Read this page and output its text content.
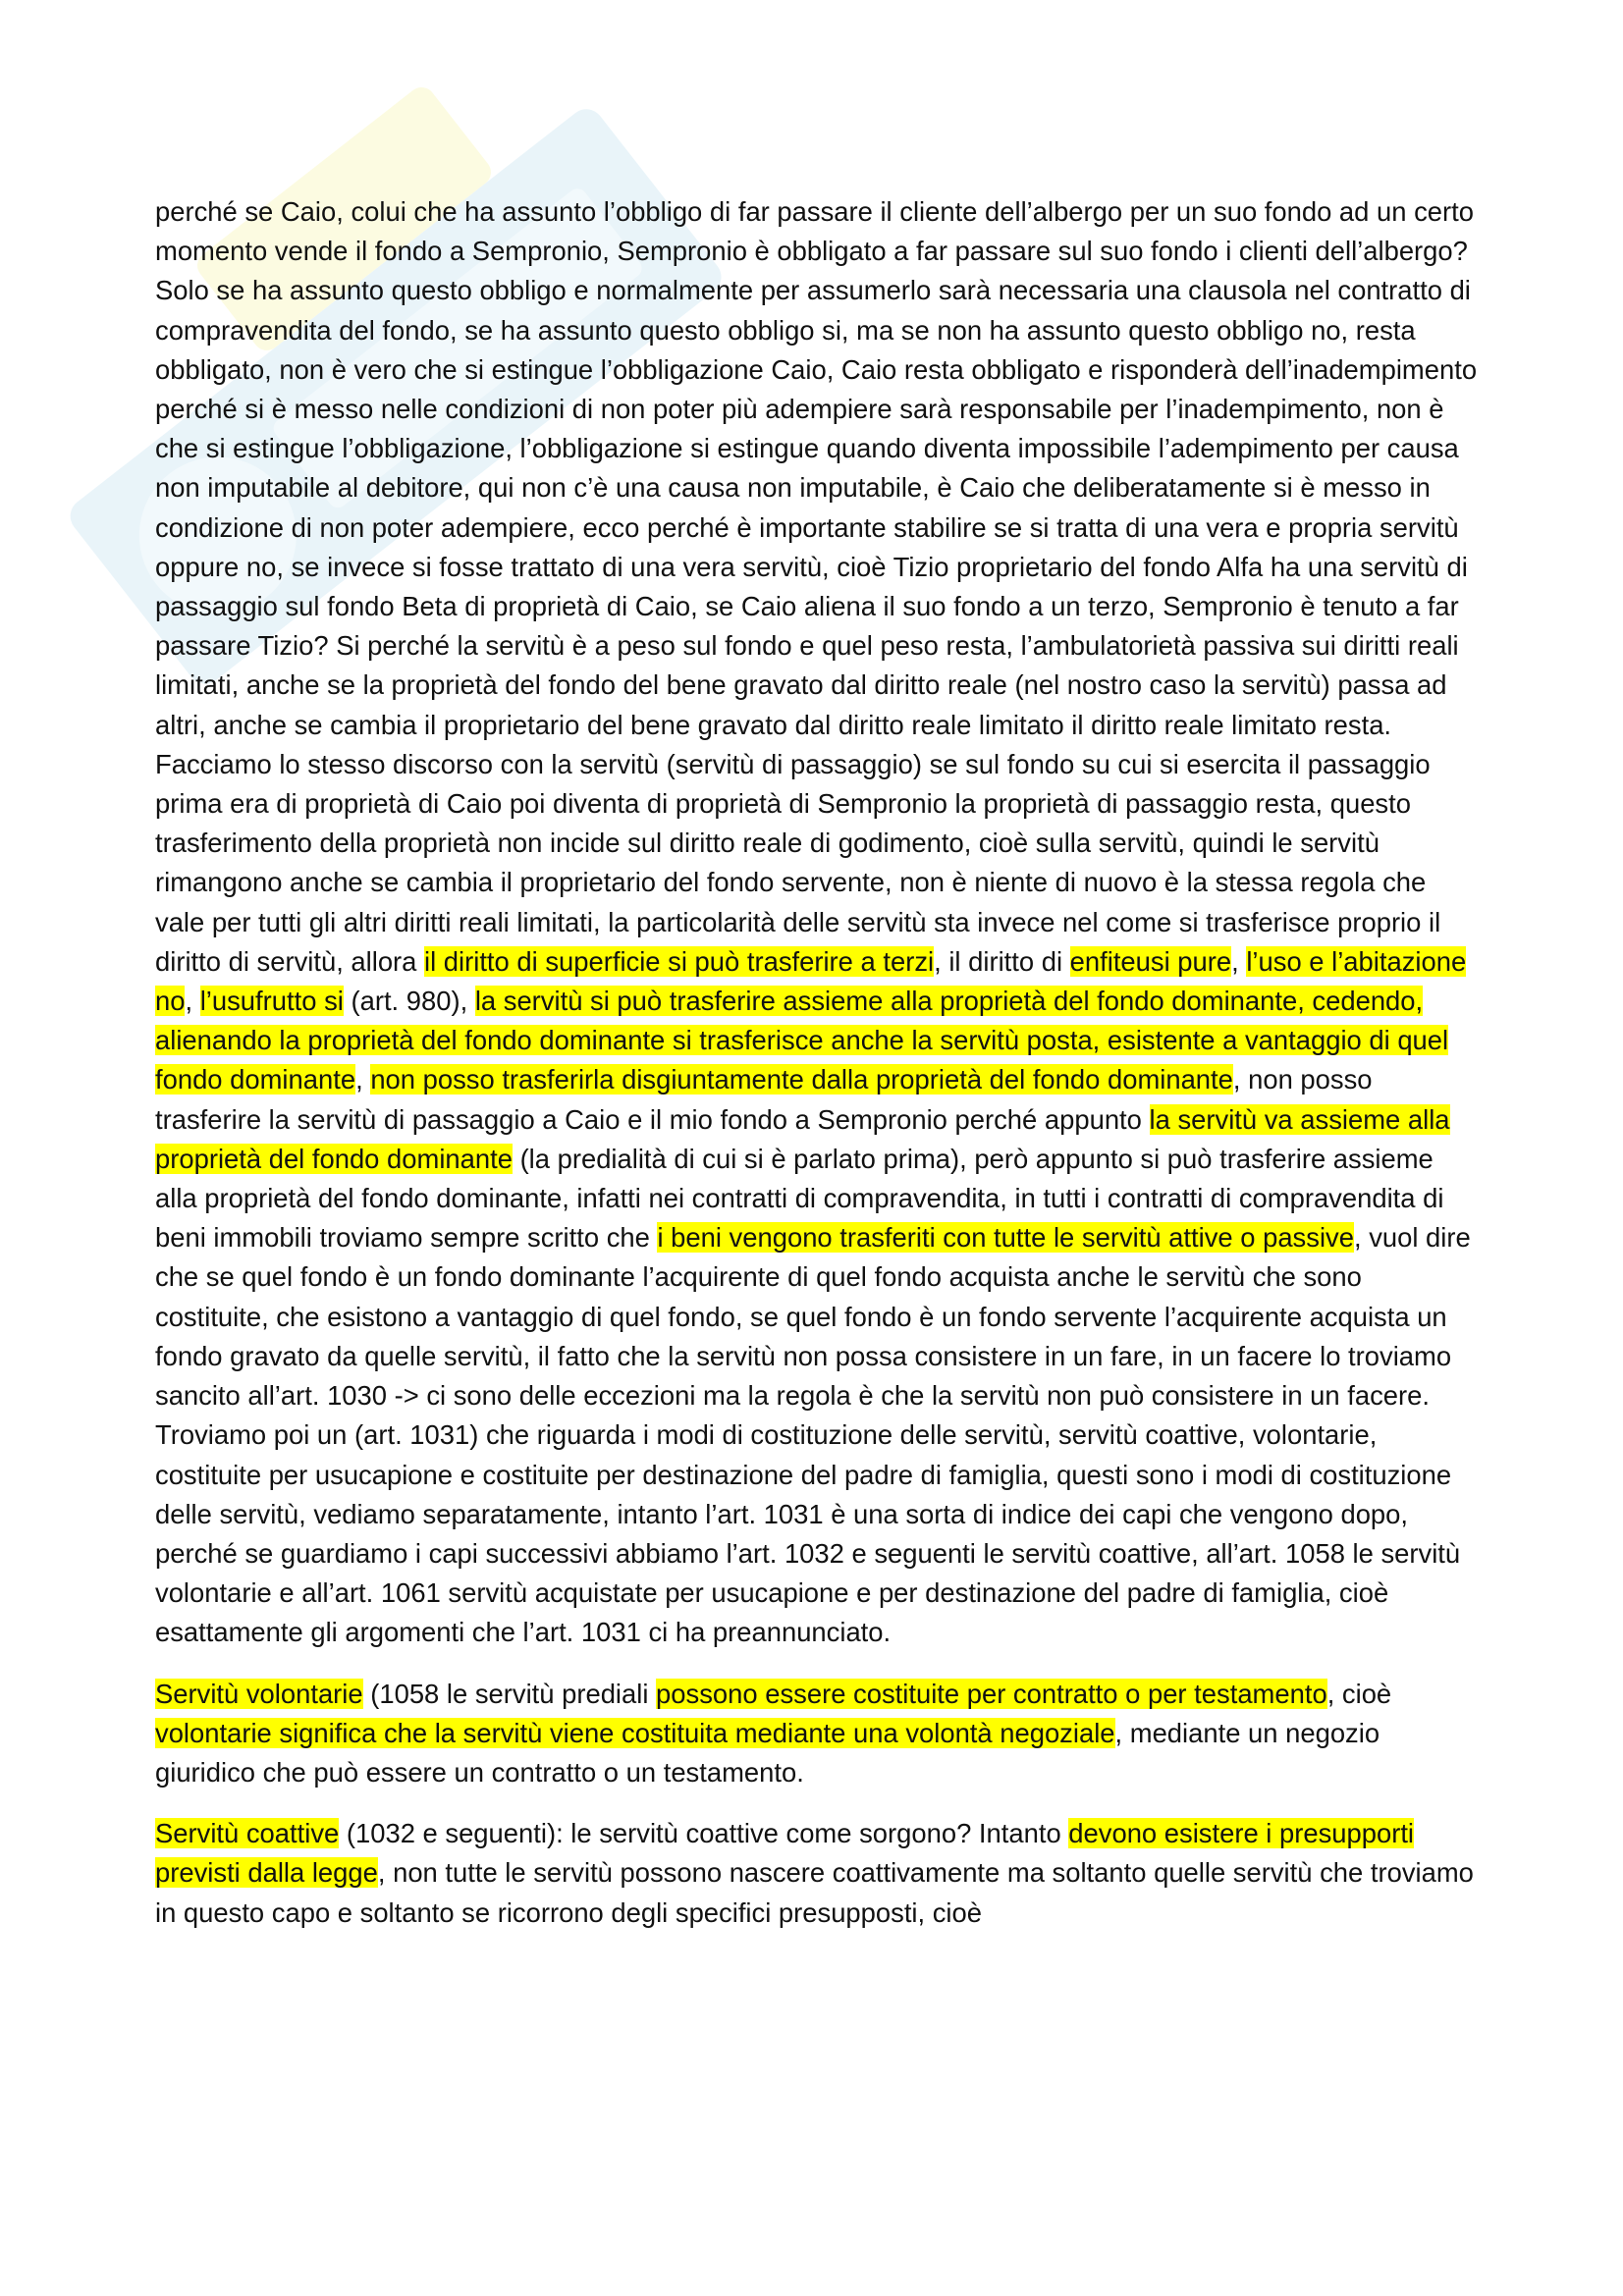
perché se Caio, colui che ha assunto l’obbligo di far passare il cliente dell’albergo per un suo fondo ad un certo momento vende il fondo a Sempronio, Sempronio è obbligato a far passare sul suo fondo i clienti dell’albergo? Solo se ha assunto questo obbligo e normalmente per assumerlo sarà necessaria una clausola nel contratto di compravendita del fondo, se ha assunto questo obbligo si, ma se non ha assunto questo obbligo no, resta obbligato, non è vero che si estingue l’obbligazione Caio, Caio resta obbligato e risponderà dell’inadempimento perché si è messo nelle condizioni di non poter più adempiere sarà responsabile per l’inadempimento, non è che si estingue l’obbligazione, l’obbligazione si estingue quando diventa impossibile l’adempimento per causa non imputabile al debitore, qui non c’è una causa non imputabile, è Caio che deliberatamente si è messo in condizione di non poter adempiere, ecco perché è importante stabilire se si tratta di una vera e propria servitù oppure no, se invece si fosse trattato di una vera servitù, cioè Tizio proprietario del fondo Alfa ha una servitù di passaggio sul fondo Beta di proprietà di Caio, se Caio aliena il suo fondo a un terzo, Sempronio è tenuto a far passare Tizio? Si perché la servitù è a peso sul fondo e quel peso resta, l’ambulatorietà passiva sui diritti reali limitati, anche se la proprietà del fondo del bene gravato dal diritto reale (nel nostro caso la servitù) passa ad altri, anche se cambia il proprietario del bene gravato dal diritto reale limitato il diritto reale limitato resta. Facciamo lo stesso discorso con la servitù (servitù di passaggio) se sul fondo su cui si esercita il passaggio prima era di proprietà di Caio poi diventa di proprietà di Sempronio la proprietà di passaggio resta, questo trasferimento della proprietà non incide sul diritto reale di godimento, cioè sulla servitù, quindi le servitù rimangono anche se cambia il proprietario del fondo servente, non è niente di nuovo è la stessa regola che vale per tutti gli altri diritti reali limitati, la particolarità delle servitù sta invece nel come si trasferisce proprio il diritto di servitù, allora il diritto di superficie si può trasferire a terzi, il diritto di enfiteusi pure, l’uso e l’abitazione no, l’usufrutto si (art. 980), la servitù si può trasferire assieme alla proprietà del fondo dominante, cedendo, alienando la proprietà del fondo dominante si trasferisce anche la servitù posta, esistente a vantaggio di quel fondo dominante, non posso trasferirla disgiuntamente dalla proprietà del fondo dominante, non posso trasferire la servitù di passaggio a Caio e il mio fondo a Sempronio perché appunto la servitù va assieme alla proprietà del fondo dominante (la predialità di cui si è parlato prima), però appunto si può trasferire assieme alla proprietà del fondo dominante, infatti nei contratti di compravendita, in tutti i contratti di compravendita di beni immobili troviamo sempre scritto che i beni vengono trasferiti con tutte le servitù attive o passive, vuol dire che se quel fondo è un fondo dominante l’acquirente di quel fondo acquista anche le servitù che sono costituite, che esistono a vantaggio di quel fondo, se quel fondo è un fondo servente l’acquirente acquista un fondo gravato da quelle servitù, il fatto che la servitù non possa consistere in un fare, in un facere lo troviamo sancito all’art. 1030 -> ci sono delle eccezioni ma la regola è che la servitù non può consistere in un facere. Troviamo poi un (art. 1031) che riguarda i modi di costituzione delle servitù, servitù coattive, volontarie, costituite per usucapione e costituite per destinazione del padre di famiglia, questi sono i modi di costituzione delle servitù, vediamo separatamente, intanto l’art. 1031 è una sorta di indice dei capi che vengono dopo, perché se guardiamo i capi successivi abbiamo l’art. 1032 e seguenti le servitù coattive, all’art. 1058 le servitù volontarie e all’art. 1061 servitù acquistate per usucapione e per destinazione del padre di famiglia, cioè esattamente gli argomenti che l’art. 1031 ci ha preannunciato.

Servitù volontarie (1058 le servitù prediali possono essere costituite per contratto o per testamento, cioè volontarie significa che la servitù viene costituita mediante una volontà negoziale, mediante un negozio giuridico che può essere un contratto o un testamento.

Servitù coattive (1032 e seguenti): le servitù coattive come sorgono? Intanto devono esistere i presupporti previsti dalla legge, non tutte le servitù possono nascere coattivamente ma soltanto quelle servitù che troviamo in questo capo e soltanto se ricorrono degli specifici presupposti, cioè
